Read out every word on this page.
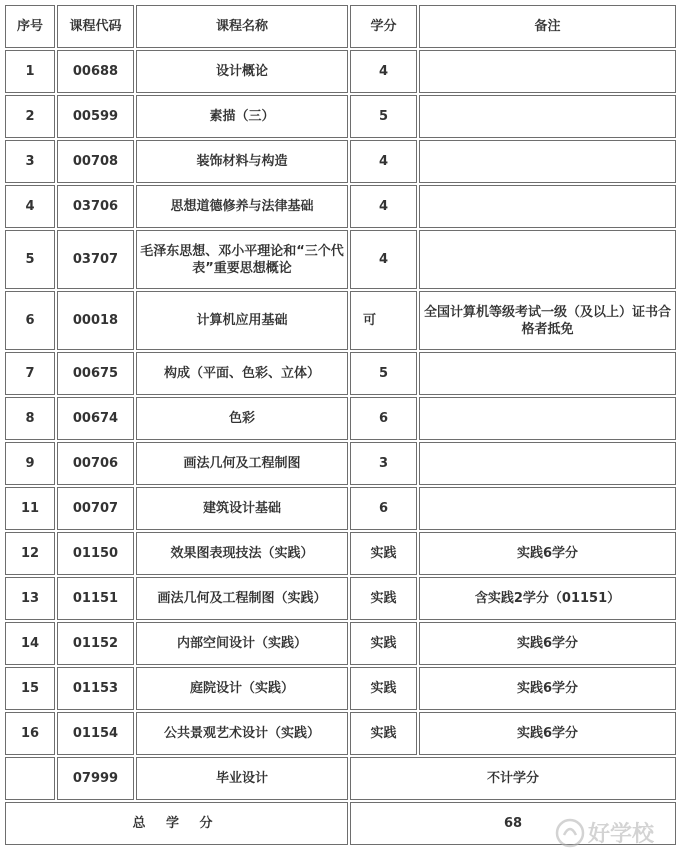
序号	课程代码	课程名称	学分	备注
1	00688	设计概论	4	
2	00599	素描（三）	5	
3	00708	装饰材料与构造	4	
4	03706	思想道德修养与法律基础	4	
5	03707	毛泽东思想、邓小平理论和“三个代表”重要思想概论	4	
6	00018	计算机应用基础	可	全国计算机等级考试一级（及以上）证书合格者抵免
7	00675	构成（平面、色彩、立体）	5	
8	00674	色彩	6	
9	00706	画法几何及工程制图	3	
11	00707	建筑设计基础	6	
12	01150	效果图表现技法（实践）	实践	实践6学分
13	01151	画法几何及工程制图（实践）	实践	含实践2学分（01151）
14	01152	内部空间设计（实践）	实践	实践6学分
15	01153	庭院设计（实践）	实践	实践6学分
16	01154	公共景观艺术设计（实践）	实践	实践6学分
	07999	毕业设计	不计学分	
总 学 分			68		好学校
